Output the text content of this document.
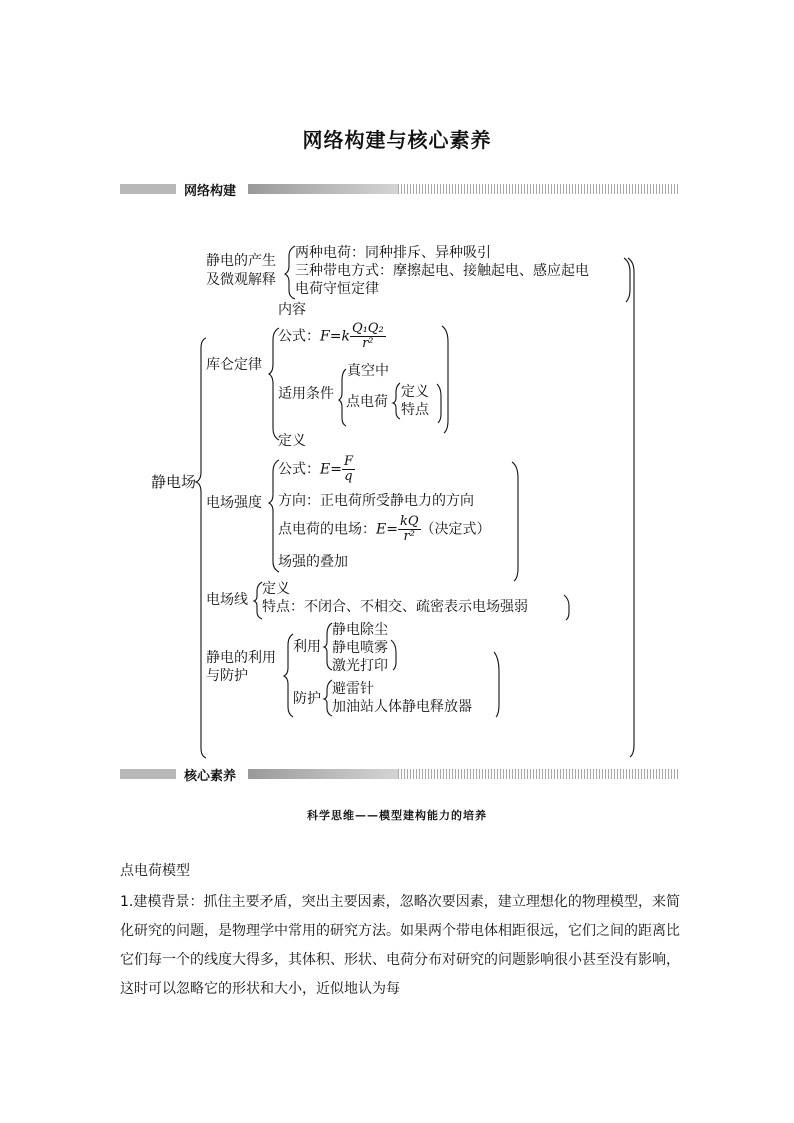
网络构建与核心素养
网络构建
静电场
静电的产生
及微观解释
两种电荷：同种排斥、异种吸引
三种带电方式：摩擦起电、接触起电、感应起电
电荷守恒定律
库仑定律
内容
公式：$F=k \frac{\text{Q₁Q₂}}{\text{r²}}$
适用条件
真空中
点电荷
定义
特点
电场强度
定义
公式：$E= \frac{F}{q}$
方向：正电荷所受静电力的方向
点电荷的电场：$E= \frac{kQ}{\text{r²}}$ （决定式）
场强的叠加
电场线
定义
特点：不闭合、不相交、疏密表示电场强弱
静电的利用
与防护
利用
静电除尘
静电喷雾
激光打印
防护
避雷针
加油站人体静电释放器
核心素养
科学思维——模型建构能力的培养
点电荷模型
1.建模背景：抓住主要矛盾，突出主要因素，忽略次要因素，建立理想化的物理模型，来简化研究的问题，是物理学中常用的研究方法。如果两个带电体相距很远，它们之间的距离比它们每一个的线度大得多，其体积、形状、电荷分布对研究的问题影响很小甚至没有影响，这时可以忽略它的形状和大小，近似地认为每
